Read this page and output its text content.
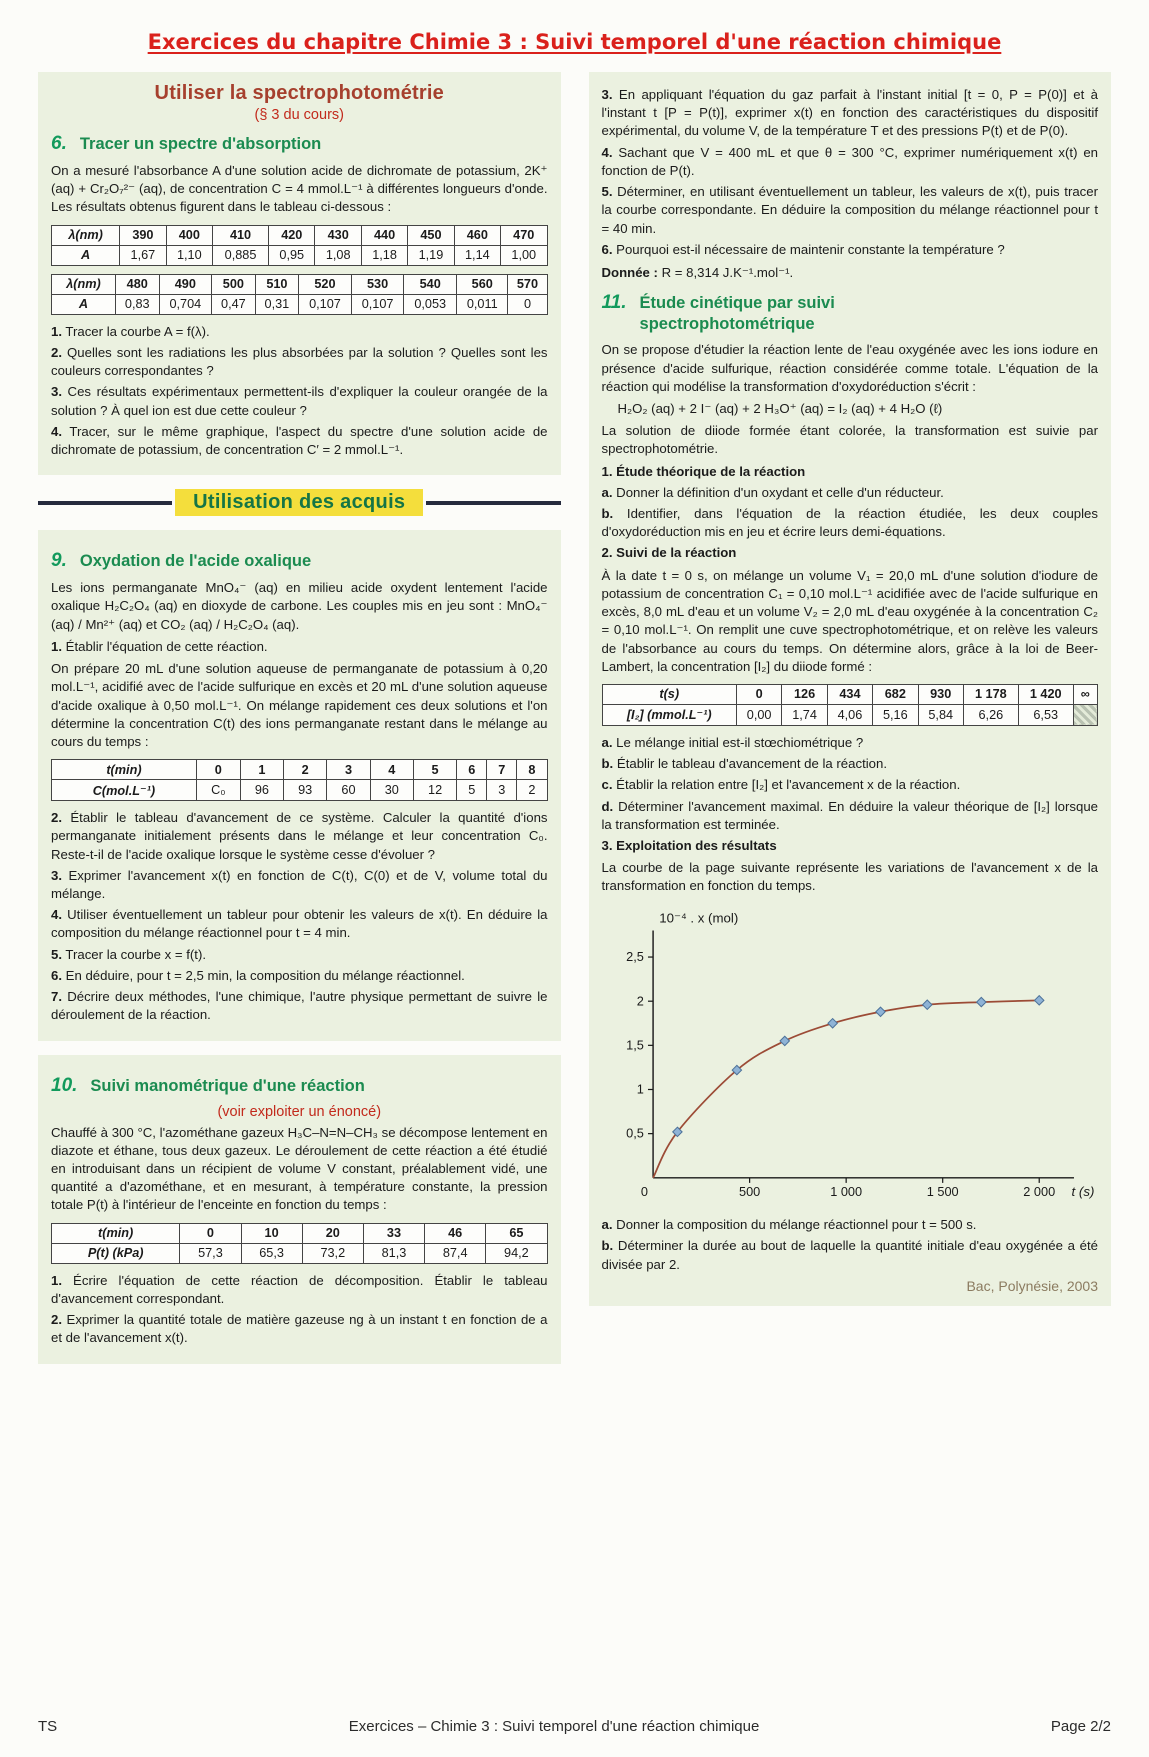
Exercices du chapitre Chimie 3 : Suivi temporel d'une réaction chimique
Utiliser la spectrophotométrie
(§ 3 du cours)
6. Tracer un spectre d'absorption

On a mesuré l'absorbance A d'une solution acide de dichromate de potassium, 2K⁺ (aq) + Cr₂O₇²⁻ (aq), de concentration C = 4 mmol.L⁻¹ à différentes longueurs d'onde. Les résultats obtenus figurent dans le tableau ci-dessous :

λ(nm)	390	400	410	420	430	440	450	460	470
A	1,67	1,10	0,885	0,95	1,08	1,18	1,19	1,14	1,00
λ(nm)	480	490	500	510	520	530	540	560	570
A	0,83	0,704	0,47	0,31	0,107	0,107	0,053	0,011	0

1. Tracer la courbe A = f(λ).

2. Quelles sont les radiations les plus absorbées par la solution ? Quelles sont les couleurs correspondantes ?

3. Ces résultats expérimentaux permettent-ils d'expliquer la couleur orangée de la solution ? À quel ion est due cette couleur ?

4. Tracer, sur le même graphique, l'aspect du spectre d'une solution acide de dichromate de potassium, de concentration C′ = 2 mmol.L⁻¹.

Utilisation des acquis
9. Oxydation de l'acide oxalique

Les ions permanganate MnO₄⁻ (aq) en milieu acide oxydent lentement l'acide oxalique H₂C₂O₄ (aq) en dioxyde de carbone. Les couples mis en jeu sont : MnO₄⁻ (aq) / Mn²⁺ (aq) et CO₂ (aq) / H₂C₂O₄ (aq).

1. Établir l'équation de cette réaction.

On prépare 20 mL d'une solution aqueuse de permanganate de potassium à 0,20 mol.L⁻¹, acidifié avec de l'acide sulfurique en excès et 20 mL d'une solution aqueuse d'acide oxalique à 0,50 mol.L⁻¹. On mélange rapidement ces deux solutions et l'on détermine la concentration C(t) des ions permanganate restant dans le mélange au cours du temps :

t(min)	0	1	2	3	4	5	6	7	8
C(mol.L⁻¹)	C₀	96	93	60	30	12	5	3	2

2. Établir le tableau d'avancement de ce système. Calculer la quantité d'ions permanganate initialement présents dans le mélange et leur concentration C₀. Reste-t-il de l'acide oxalique lorsque le système cesse d'évoluer ?

3. Exprimer l'avancement x(t) en fonction de C(t), C(0) et de V, volume total du mélange.

4. Utiliser éventuellement un tableur pour obtenir les valeurs de x(t). En déduire la composition du mélange réactionnel pour t = 4 min.

5. Tracer la courbe x = f(t).

6. En déduire, pour t = 2,5 min, la composition du mélange réactionnel.

7. Décrire deux méthodes, l'une chimique, l'autre physique permettant de suivre le déroulement de la réaction.

10. Suivi manométrique d'une réaction
(voir exploiter un énoncé)

Chauffé à 300 °C, l'azométhane gazeux H₃C–N=N–CH₃ se décompose lentement en diazote et éthane, tous deux gazeux. Le déroulement de cette réaction a été étudié en introduisant dans un récipient de volume V constant, préalablement vidé, une quantité a d'azométhane, et en mesurant, à température constante, la pression totale P(t) à l'intérieur de l'enceinte en fonction du temps :

t(min)	0	10	20	33	46	65
P(t) (kPa)	57,3	65,3	73,2	81,3	87,4	94,2

1. Écrire l'équation de cette réaction de décomposition. Établir le tableau d'avancement correspondant.

2. Exprimer la quantité totale de matière gazeuse ng à un instant t en fonction de a et de l'avancement x(t).

3. En appliquant l'équation du gaz parfait à l'instant initial [t = 0, P = P(0)] et à l'instant t [P = P(t)], exprimer x(t) en fonction des caractéristiques du dispositif expérimental, du volume V, de la température T et des pressions P(t) et de P(0).

4. Sachant que V = 400 mL et que θ = 300 °C, exprimer numériquement x(t) en fonction de P(t).

5. Déterminer, en utilisant éventuellement un tableur, les valeurs de x(t), puis tracer la courbe correspondante. En déduire la composition du mélange réactionnel pour t = 40 min.

6. Pourquoi est-il nécessaire de maintenir constante la température ?

Donnée : R = 8,314 J.K⁻¹.mol⁻¹.

11. Étude cinétique par suivi
spectrophotométrique

On se propose d'étudier la réaction lente de l'eau oxygénée avec les ions iodure en présence d'acide sulfurique, réaction considérée comme totale. L'équation de la réaction qui modélise la transformation d'oxydoréduction s'écrit :

H₂O₂ (aq) + 2 I⁻ (aq) + 2 H₃O⁺ (aq) = I₂ (aq) + 4 H₂O (ℓ)

La solution de diiode formée étant colorée, la transformation est suivie par spectrophotométrie.

1. Étude théorique de la réaction

a. Donner la définition d'un oxydant et celle d'un réducteur.

b. Identifier, dans l'équation de la réaction étudiée, les deux couples d'oxydoréduction mis en jeu et écrire leurs demi-équations.

2. Suivi de la réaction

À la date t = 0 s, on mélange un volume V₁ = 20,0 mL d'une solution d'iodure de potassium de concentration C₁ = 0,10 mol.L⁻¹ acidifiée avec de l'acide sulfurique en excès, 8,0 mL d'eau et un volume V₂ = 2,0 mL d'eau oxygénée à la concentration C₂ = 0,10 mol.L⁻¹. On remplit une cuve spectrophotométrique, et on relève les valeurs de l'absorbance au cours du temps. On détermine alors, grâce à la loi de Beer-Lambert, la concentration [I₂] du diiode formé :

t(s)	0	126	434	682	930	1 178	1 420	∞
[I₂] (mmol.L⁻¹)	0,00	1,74	4,06	5,16	5,84	6,26	6,53	

a. Le mélange initial est-il stœchiométrique ?

b. Établir le tableau d'avancement de la réaction.

c. Établir la relation entre [I₂] et l'avancement x de la réaction.

d. Déterminer l'avancement maximal. En déduire la valeur théorique de [I₂] lorsque la transformation est terminée.

3. Exploitation des résultats

La courbe de la page suivante représente les variations de l'avancement x de la transformation en fonction du temps.

0	500	1 000	1 500	2 000
0,5
1
1,5
2
2,5
10⁻⁴ . x (mol)
t (s)

a. Donner la composition du mélange réactionnel pour t = 500 s.

b. Déterminer la durée au bout de laquelle la quantité initiale d'eau oxygénée a été divisée par 2.

Bac, Polynésie, 2003

TS	Exercices – Chimie 3 : Suivi temporel d'une réaction chimique	Page 2/2
